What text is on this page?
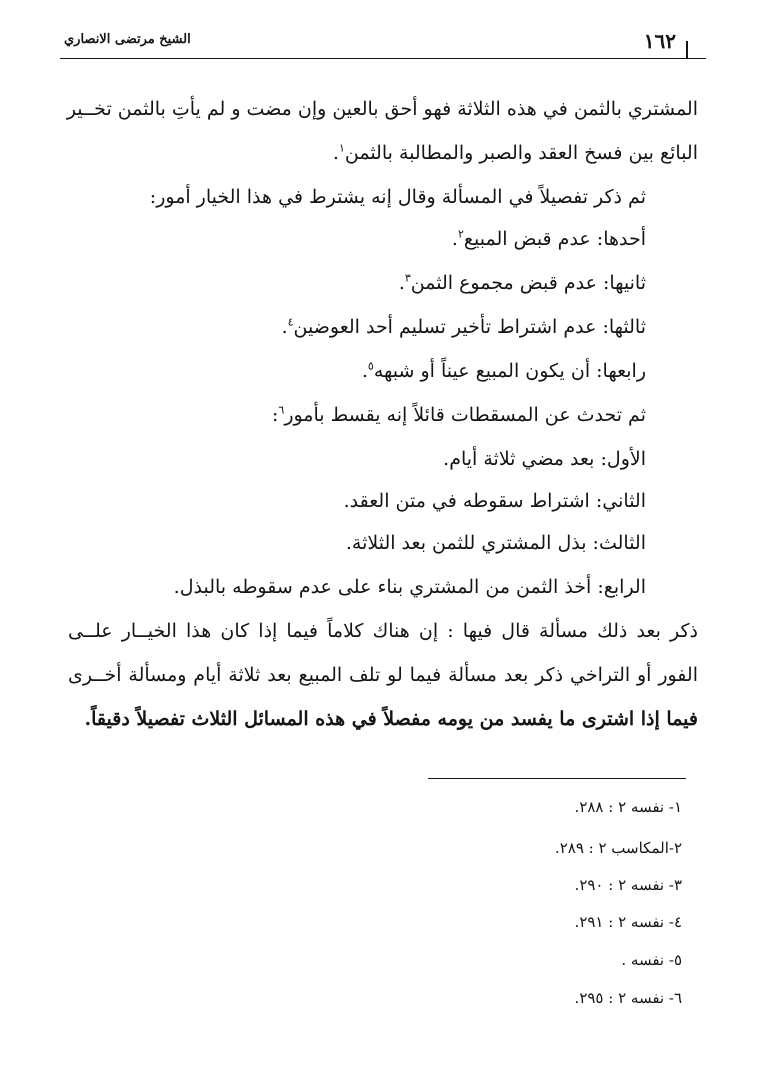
الشيخ مرتضى الانصاري	١٦٢
المشتري بالثمن في هذه الثلاثة فهو أحق بالعين وإن مضت و لم يأتِ بالثمن تخــير
البائع بين فسخ العقد والصبر والمطالبة بالثمن$^١$.
ثم ذكر تفصيلاً في المسألة وقال إنه يشترط في هذا الخيار أمور:
أحدها: عدم قبض المبيع$^٢$.
ثانيها: عدم قبض مجموع الثمن$^٣$.
ثالثها: عدم اشتراط تأخير تسليم أحد العوضين$^٤$.
رابعها: أن يكون المبيع عيناً أو شبهه$^٥$.
ثم تحدث عن المسقطات قائلاً إنه يقسط بأمور$^٦$:
الأول: بعد مضي ثلاثة أيام.
الثاني: اشتراط سقوطه في متن العقد.
الثالث: بذل المشتري للثمن بعد الثلاثة.
الرابع: أخذ الثمن من المشتري بناء على عدم سقوطه بالبذل.
ذكر بعد ذلك مسألة قال فيها : إن هناك كلاماً فيما إذا كان هذا الخيــار علــى
الفور أو التراخي ذكر بعد مسألة فيما لو تلف المبيع بعد ثلاثة أيام ومسألة أخــرى
فيما إذا اشترى ما يفسد من يومه مفصلاً في هذه المسائل الثلاث تفصيلاً دقيقاً.
١- نفسه ٢ : ٢٨٨.
٢-المكاسب ٢ : ٢٨٩.
٣- نفسه ٢ : ٢٩٠.
٤- نفسه ٢ : ٢٩١.
٥- نفسه .
٦- نفسه ٢ : ٢٩٥.
